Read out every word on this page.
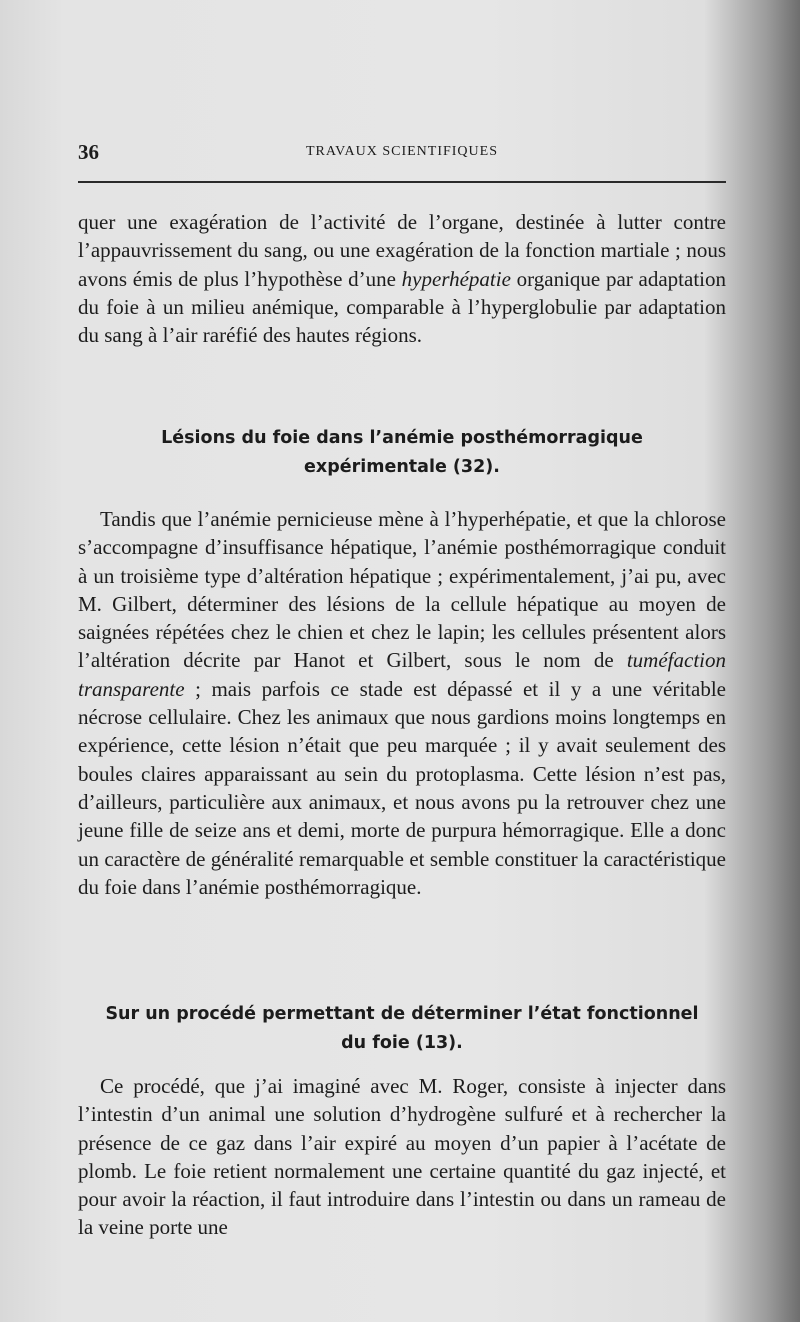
36	TRAVAUX SCIENTIFIQUES

quer une exagération de l’activité de l’organe, destinée à lutter contre l’appauvrissement du sang, ou une exagération de la fonction martiale ; nous avons émis de plus l’hypothèse d’une hyperhépatie organique par adaptation du foie à un milieu anémique, comparable à l’hyperglobulie par adaptation du sang à l’air raréfié des hautes régions.

Lésions du foie dans l’anémie posthémorragique
expérimentale (32).

Tandis que l’anémie pernicieuse mène à l’hyperhépatie, et que la chlorose s’accompagne d’insuffisance hépatique, l’anémie posthémorragique conduit à un troisième type d’altération hépatique ; expérimentalement, j’ai pu, avec M. Gilbert, déterminer des lésions de la cellule hépatique au moyen de saignées répétées chez le chien et chez le lapin; les cellules présentent alors l’altération décrite par Hanot et Gilbert, sous le nom de tuméfaction transparente ; mais parfois ce stade est dépassé et il y a une véritable nécrose cellulaire. Chez les animaux que nous gardions moins longtemps en expérience, cette lésion n’était que peu marquée ; il y avait seulement des boules claires apparaissant au sein du protoplasma. Cette lésion n’est pas, d’ailleurs, particulière aux animaux, et nous avons pu la retrouver chez une jeune fille de seize ans et demi, morte de purpura hémorragique. Elle a donc un caractère de généralité remarquable et semble constituer la caractéristique du foie dans l’anémie posthémorragique.

Sur un procédé permettant de déterminer l’état fonctionnel
du foie (13).

Ce procédé, que j’ai imaginé avec M. Roger, consiste à injecter dans l’intestin d’un animal une solution d’hydrogène sulfuré et à rechercher la présence de ce gaz dans l’air expiré au moyen d’un papier à l’acétate de plomb. Le foie retient normalement une certaine quantité du gaz injecté, et pour avoir la réaction, il faut introduire dans l’intestin ou dans un rameau de la veine porte une
